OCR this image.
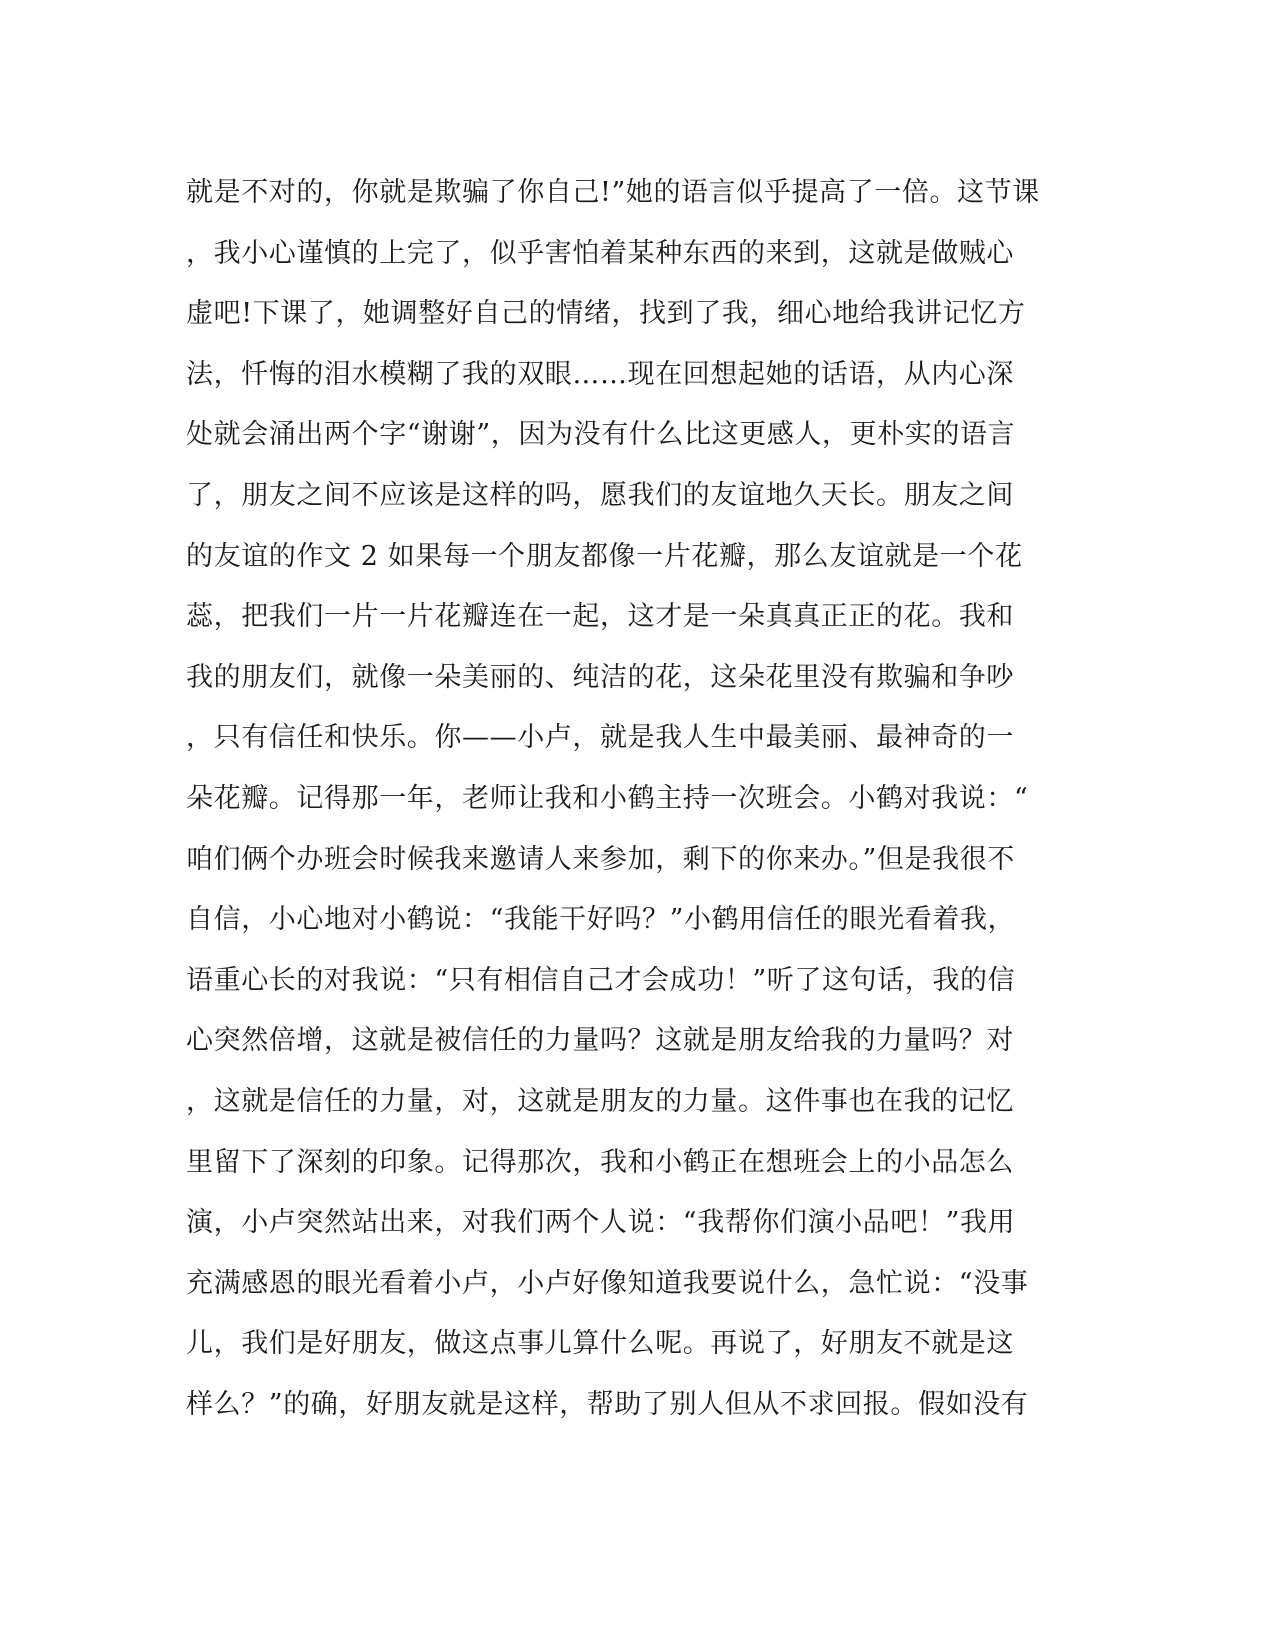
就是不对的，你就是欺骗了你自己!”她的语言似乎提高了一倍。这节课
，我小心谨慎的上完了，似乎害怕着某种东西的来到，这就是做贼心
虚吧!下课了，她调整好自己的情绪，找到了我，细心地给我讲记忆方
法，忏悔的泪水模糊了我的双眼……现在回想起她的话语，从内心深
处就会涌出两个字“谢谢”，因为没有什么比这更感人，更朴实的语言
了，朋友之间不应该是这样的吗，愿我们的友谊地久天长。朋友之间
的友谊的作文 2 如果每一个朋友都像一片花瓣，那么友谊就是一个花
蕊，把我们一片一片花瓣连在一起，这才是一朵真真正正的花。我和
我的朋友们，就像一朵美丽的、纯洁的花，这朵花里没有欺骗和争吵
，只有信任和快乐。你——小卢，就是我人生中最美丽、最神奇的一
朵花瓣。记得那一年，老师让我和小鹤主持一次班会。小鹤对我说：“
咱们俩个办班会时候我来邀请人来参加，剩下的你来办。”但是我很不
自信，小心地对小鹤说：“我能干好吗？”小鹤用信任的眼光看着我，
语重心长的对我说：“只有相信自己才会成功！”听了这句话，我的信
心突然倍增，这就是被信任的力量吗？这就是朋友给我的力量吗？对
，这就是信任的力量，对，这就是朋友的力量。这件事也在我的记忆
里留下了深刻的印象。记得那次，我和小鹤正在想班会上的小品怎么
演，小卢突然站出来，对我们两个人说：“我帮你们演小品吧！”我用
充满感恩的眼光看着小卢，小卢好像知道我要说什么，急忙说：“没事
儿，我们是好朋友，做这点事儿算什么呢。再说了，好朋友不就是这
样么？”的确，好朋友就是这样，帮助了别人但从不求回报。假如没有
